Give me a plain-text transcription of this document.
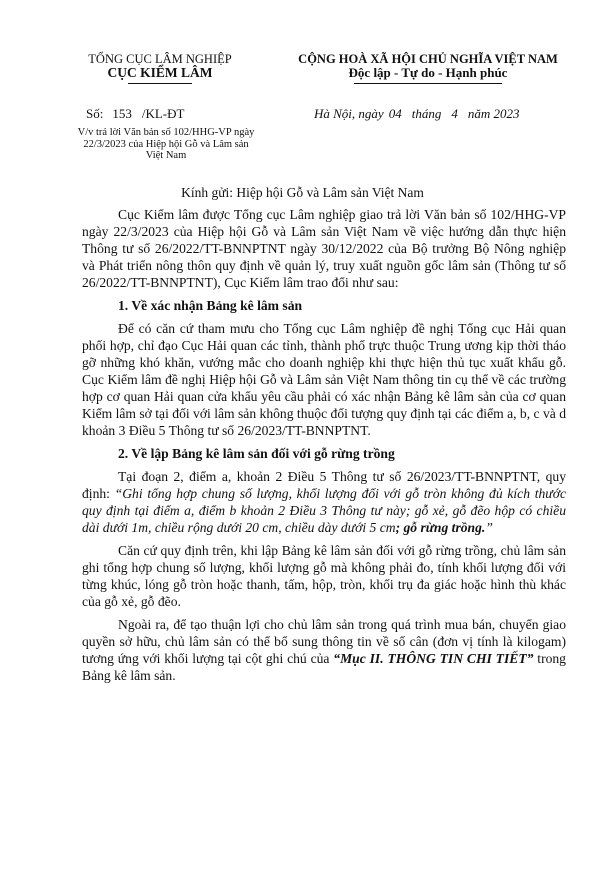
TỔNG CỤC LÂM NGHIỆP
CỤC KIỂM LÂM
CỘNG HOÀ XÃ HỘI CHỦ NGHĨA VIỆT NAM
Độc lập - Tự do - Hạnh phúc
Số: 153 /KL-ĐT	Hà Nội, ngày 04 tháng 4 năm 2023
V/v trả lời Văn bản số 102/HHG-VP ngày
22/3/2023 của Hiệp hội Gỗ và Lâm sản
Việt Nam
Kính gửi: Hiệp hội Gỗ và Lâm sản Việt Nam

Cục Kiểm lâm được Tổng cục Lâm nghiệp giao trả lời Văn bản số 102/HHG-VP ngày 22/3/2023 của Hiệp hội Gỗ và Lâm sản Việt Nam về việc hướng dẫn thực hiện Thông tư số 26/2022/TT-BNNPTNT ngày 30/12/2022 của Bộ trưởng Bộ Nông nghiệp và Phát triển nông thôn quy định về quản lý, truy xuất nguồn gốc lâm sản (Thông tư số 26/2022/TT-BNNPTNT), Cục Kiểm lâm trao đổi như sau:

1. Về xác nhận Bảng kê lâm sản

Để có căn cứ tham mưu cho Tổng cục Lâm nghiệp đề nghị Tổng cục Hải quan phối hợp, chỉ đạo Cục Hải quan các tỉnh, thành phố trực thuộc Trung ương kịp thời tháo gỡ những khó khăn, vướng mắc cho doanh nghiệp khi thực hiện thủ tục xuất khẩu gỗ. Cục Kiểm lâm đề nghị Hiệp hội Gỗ và Lâm sản Việt Nam thông tin cụ thể về các trường hợp cơ quan Hải quan cửa khẩu yêu cầu phải có xác nhận Bảng kê lâm sản của cơ quan Kiểm lâm sở tại đối với lâm sản không thuộc đối tượng quy định tại các điểm a, b, c và d khoản 3 Điều 5 Thông tư số 26/2023/TT-BNNPTNT.

2. Về lập Bảng kê lâm sản đối với gỗ rừng trồng

Tại đoạn 2, điểm a, khoản 2 Điều 5 Thông tư số 26/2023/TT-BNNPTNT, quy định: “Ghi tổng hợp chung số lượng, khối lượng đối với gỗ tròn không đủ kích thước quy định tại điểm a, điểm b khoản 2 Điều 3 Thông tư này; gỗ xẻ, gỗ đẽo hộp có chiều dài dưới 1m, chiều rộng dưới 20 cm, chiều dày dưới 5 cm; gỗ rừng trồng.”

Căn cứ quy định trên, khi lập Bảng kê lâm sản đối với gỗ rừng trồng, chủ lâm sản ghi tổng hợp chung số lượng, khối lượng gỗ mà không phải đo, tính khối lượng đối với từng khúc, lóng gỗ tròn hoặc thanh, tấm, hộp, tròn, khối trụ đa giác hoặc hình thù khác của gỗ xẻ, gỗ đẽo.

Ngoài ra, để tạo thuận lợi cho chủ lâm sản trong quá trình mua bán, chuyển giao quyền sở hữu, chủ lâm sản có thể bổ sung thông tin về số cân (đơn vị tính là kilogam) tương ứng với khối lượng tại cột ghi chú của “Mục II. THÔNG TIN CHI TIẾT” trong Bảng kê lâm sản.
